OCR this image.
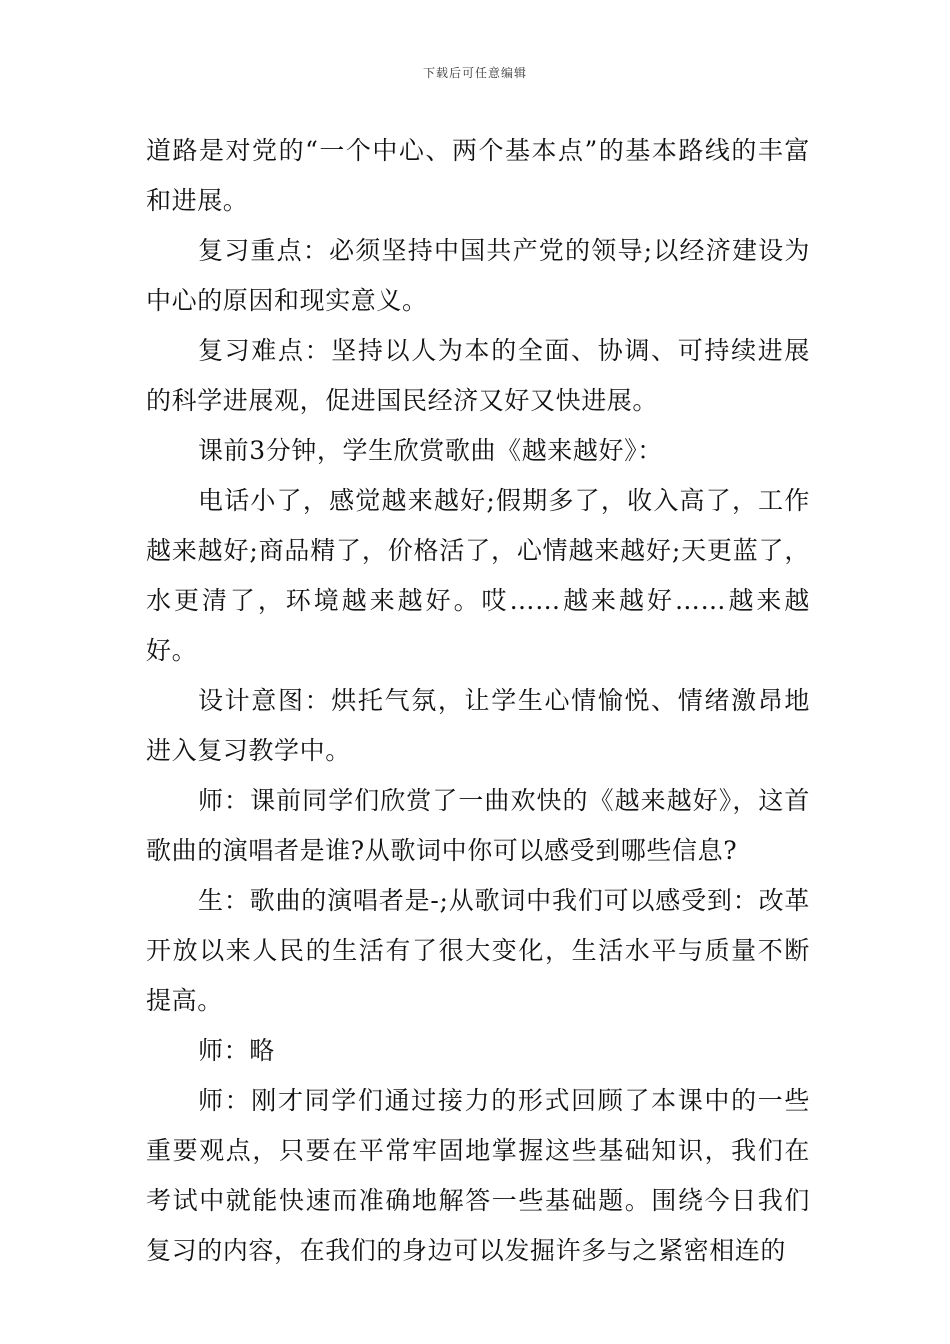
下载后可任意编辑

道路是对党的“一个中心、两个基本点”的基本路线的丰富和进展。

复习重点：必须坚持中国共产党的领导;以经济建设为中心的原因和现实意义。

复习难点：坚持以人为本的全面、协调、可持续进展的科学进展观，促进国民经济又好又快进展。

课前3分钟，学生欣赏歌曲《越来越好》：

电话小了，感觉越来越好;假期多了，收入高了，工作越来越好;商品精了，价格活了，心情越来越好;天更蓝了，水更清了，环境越来越好。哎……越来越好……越来越好。

设计意图：烘托气氛，让学生心情愉悦、情绪激昂地进入复习教学中。

师：课前同学们欣赏了一曲欢快的《越来越好》，这首歌曲的演唱者是谁?从歌词中你可以感受到哪些信息?

生：歌曲的演唱者是-;从歌词中我们可以感受到：改革开放以来人民的生活有了很大变化，生活水平与质量不断提高。

师：略

师：刚才同学们通过接力的形式回顾了本课中的一些重要观点，只要在平常牢固地掌握这些基础知识，我们在考试中就能快速而准确地解答一些基础题。围绕今日我们复习的内容，在我们的身边可以发掘许多与之紧密相连的
